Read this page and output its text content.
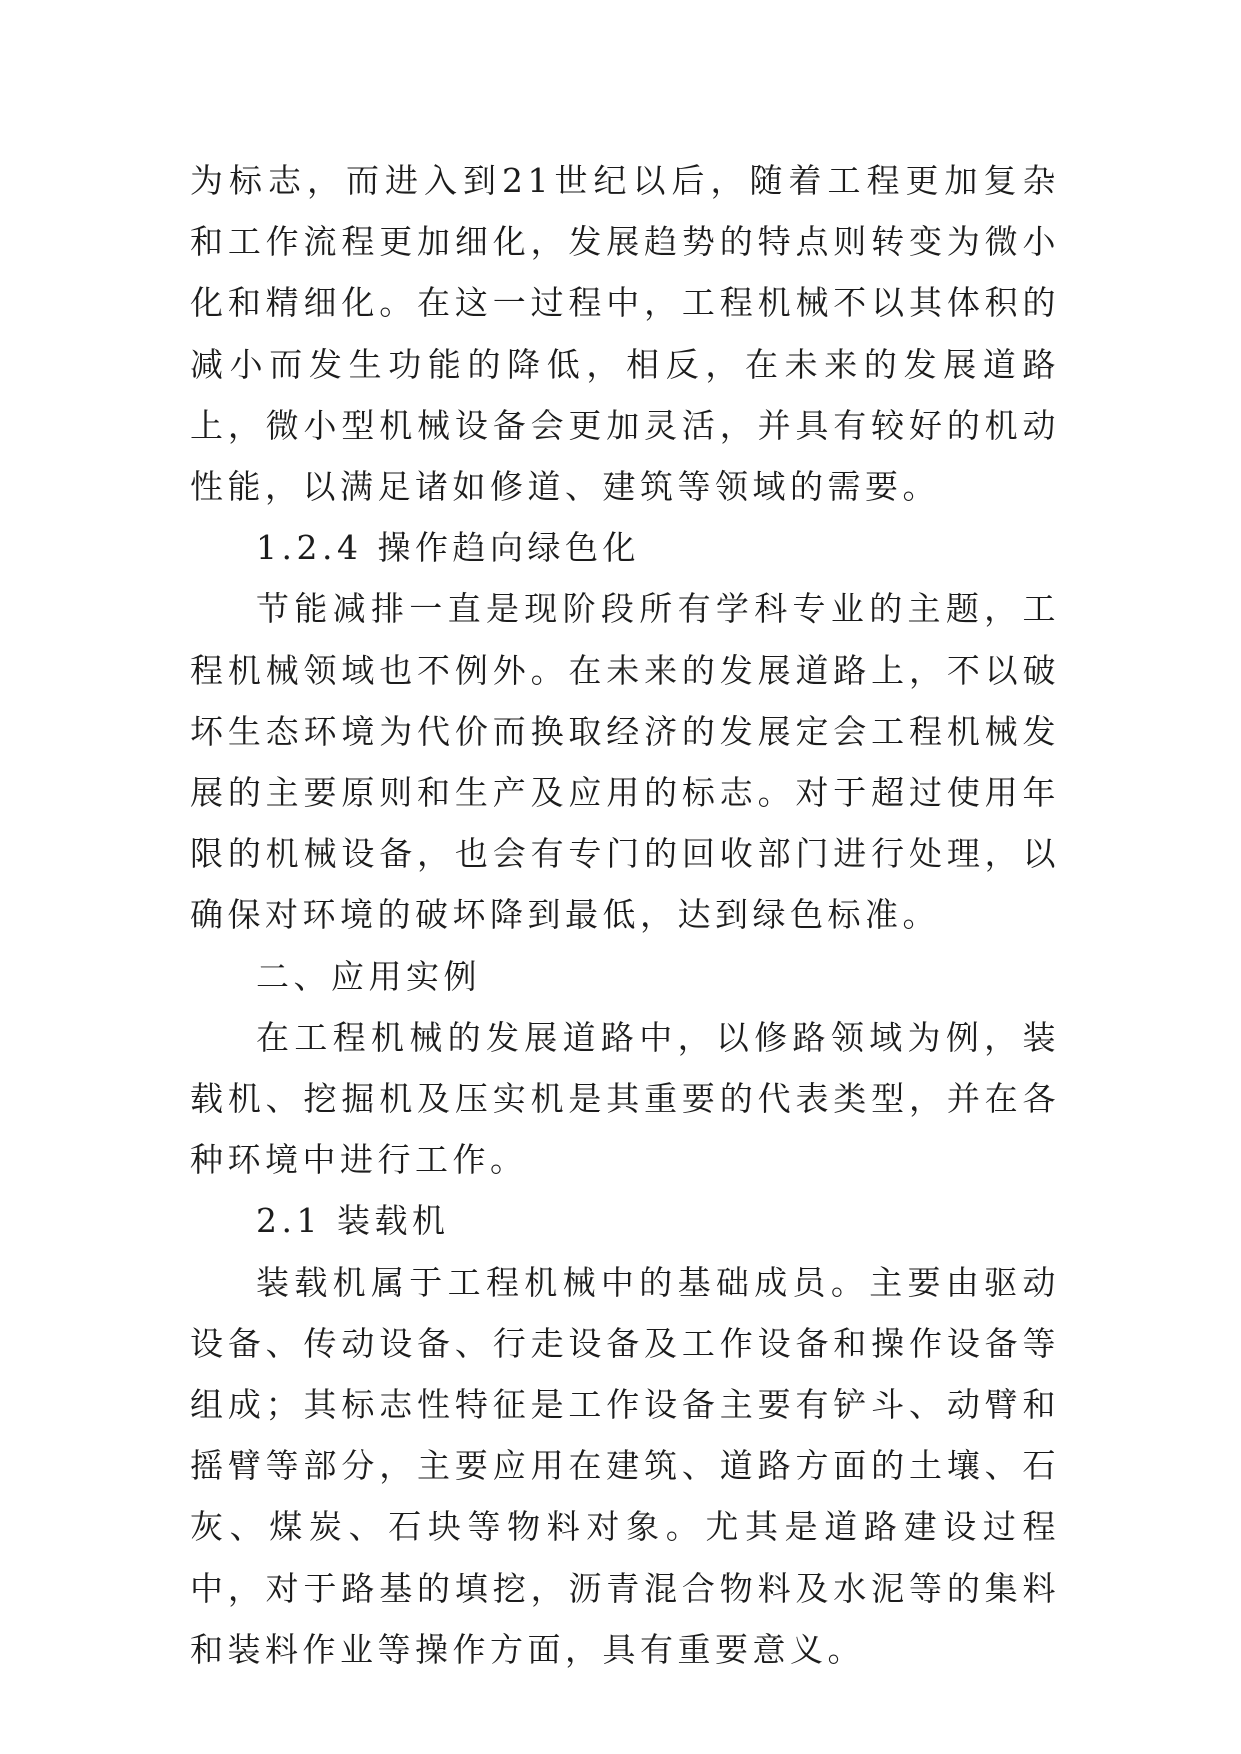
为标志，而进入到21世纪以后，随着工程更加复杂和工作流程更加细化，发展趋势的特点则转变为微小化和精细化。在这一过程中，工程机械不以其体积的减小而发生功能的降低，相反，在未来的发展道路上，微小型机械设备会更加灵活，并具有较好的机动性能，以满足诸如修道、建筑等领域的需要。

1.2.4 操作趋向绿色化

节能减排一直是现阶段所有学科专业的主题，工程机械领域也不例外。在未来的发展道路上，不以破坏生态环境为代价而换取经济的发展定会工程机械发展的主要原则和生产及应用的标志。对于超过使用年限的机械设备，也会有专门的回收部门进行处理，以确保对环境的破坏降到最低，达到绿色标准。

二、应用实例

在工程机械的发展道路中，以修路领域为例，装载机、挖掘机及压实机是其重要的代表类型，并在各种环境中进行工作。

2.1 装载机

装载机属于工程机械中的基础成员。主要由驱动设备、传动设备、行走设备及工作设备和操作设备等组成；其标志性特征是工作设备主要有铲斗、动臂和摇臂等部分，主要应用在建筑、道路方面的土壤、石灰、煤炭、石块等物料对象。尤其是道路建设过程中，对于路基的填挖，沥青混合物料及水泥等的集料和装料作业等操作方面，具有重要意义。
